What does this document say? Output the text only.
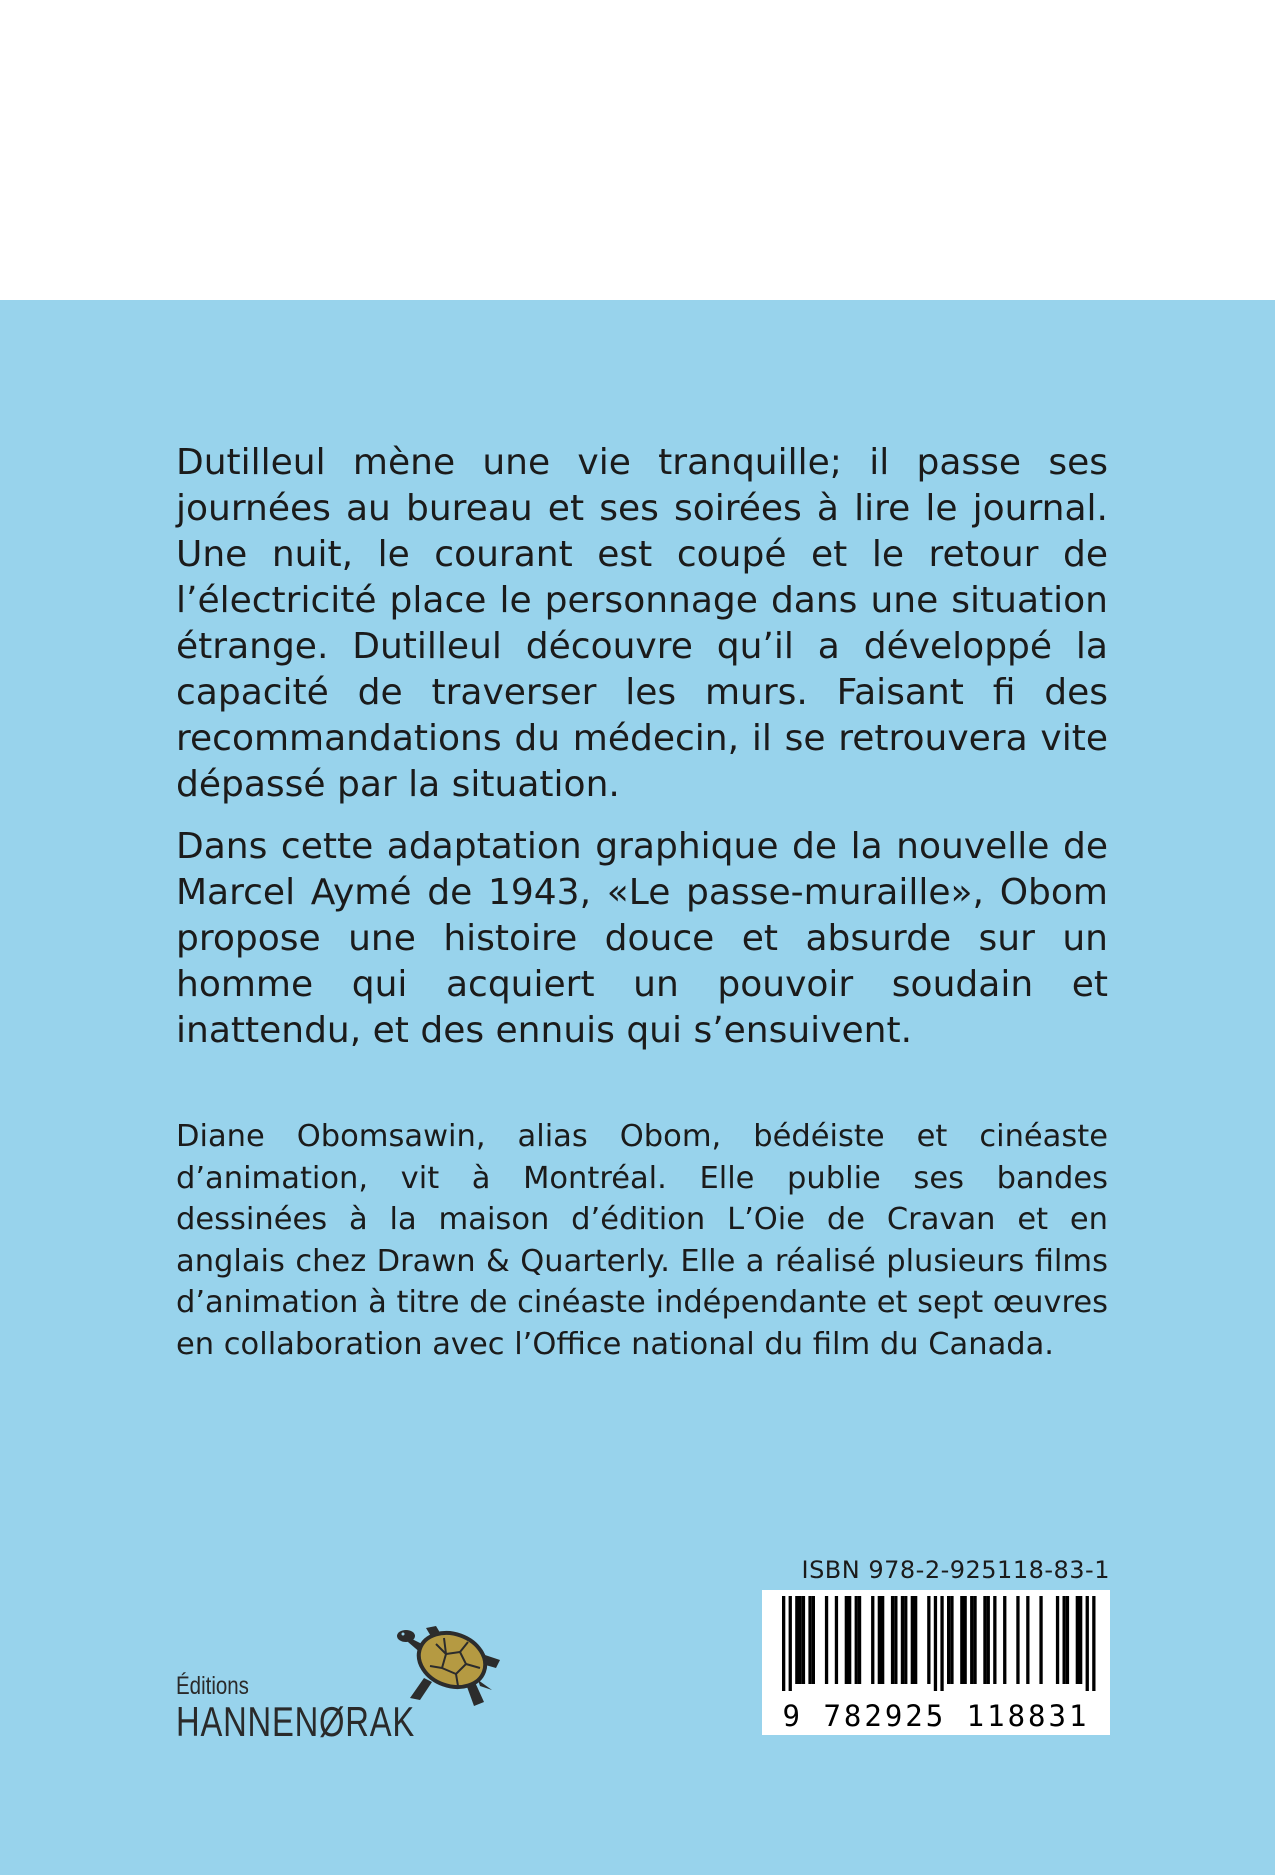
Dutilleul mène une vie tranquille; il passe ses journées au bureau et ses soirées à lire le journal. Une nuit, le courant est coupé et le retour de l’électricité place le personnage dans une situation étrange. Dutilleul découvre qu’il a développé la capacité de traverser les murs. Faisant fi des recommandations du médecin, il se retrouvera vite dépassé par la situation.

Dans cette adaptation graphique de la nouvelle de Marcel Aymé de 1943, «Le passe-muraille», Obom propose une histoire douce et absurde sur un homme qui acquiert un pouvoir soudain et inattendu, et des ennuis qui s’ensuivent.

Diane Obomsawin, alias Obom, bédéiste et cinéaste d’animation, vit à Montréal. Elle publie ses bandes dessinées à la maison d’édition L’Oie de Cravan et en anglais chez Drawn & Quarterly. Elle a réalisé plusieurs films d’animation à titre de cinéaste indépendante et sept œuvres en collaboration avec l’Office national du film du Canada.

ISBN 978-2-925118-83-1
9 782925 118831
Éditions
HANNENØRAK
